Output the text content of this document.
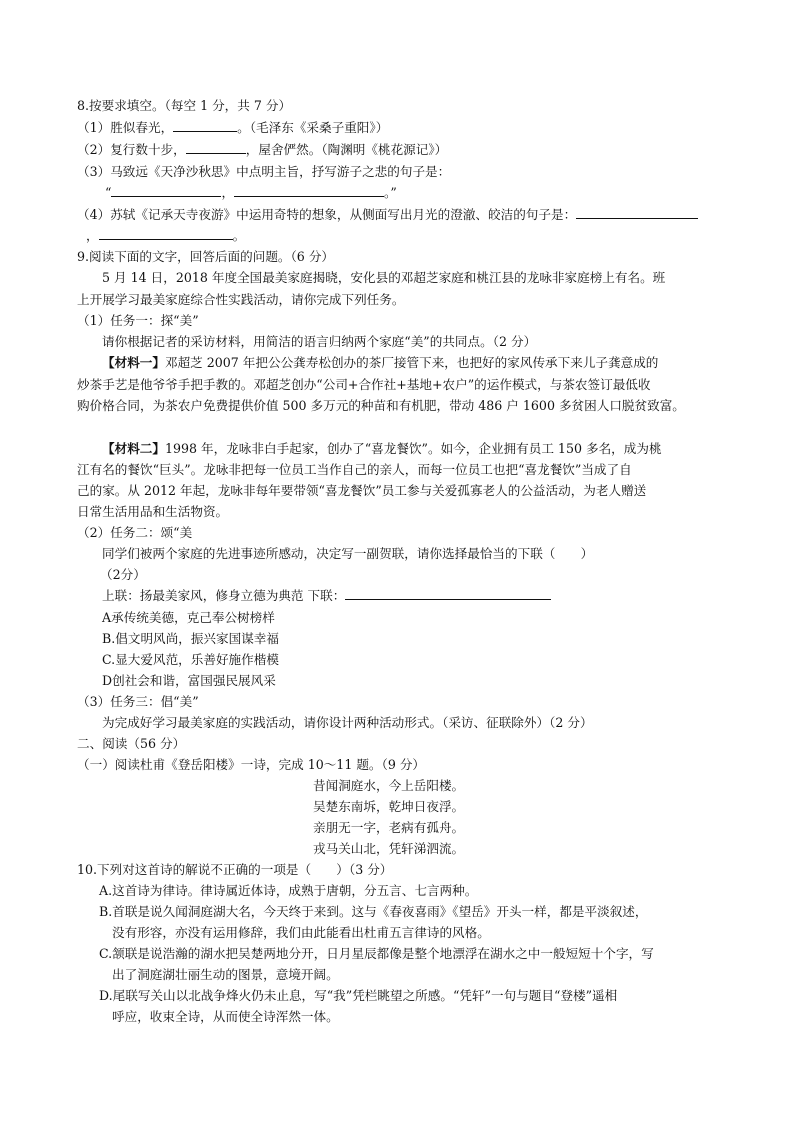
8.按要求填空。（每空 1 分，共 7 分）
（1）胜似春光，	。（毛泽东《采桑子重阳》）
（2）复行数十步，	，屋舍俨然。（陶渊明《桃花源记》）
（3）马致远《天净沙秋思》中点明主旨，抒写游子之悲的句子是：
“	，	。”
（4）苏轼《记承天寺夜游》中运用奇特的想象，从侧面写出月光的澄澈、皎洁的句子是：
，	。
9.阅读下面的文字，回答后面的问题。（6 分）
5 月 14 日，2018 年度全国最美家庭揭晓，安化县的邓超芝家庭和桃江县的龙咏非家庭榜上有名。班
上开展学习最美家庭综合性实践活动，请你完成下列任务。
（1）任务一：探“美”
请你根据记者的采访材料，用简洁的语言归纳两个家庭“美”的共同点。（2 分）
【材料一】邓超芝 2007 年把公公龚寿松创办的茶厂接管下来，也把好的家风传承下来儿子龚意成的
炒茶手艺是他爷爷手把手教的。邓超芝创办“公司+合作社+基地+农户”的运作模式，与茶农签订最低收
购价格合同，为茶农户免费提供价值 500 多万元的种苗和有机肥，带动 486 户 1600 多贫困人口脱贫致富。
【材料二】1998 年，龙咏非白手起家，创办了“喜龙餐饮”。如今，企业拥有员工 150 多名，成为桃
江有名的餐饮“巨头”。龙咏非把每一位员工当作自己的亲人，而每一位员工也把“喜龙餐饮”当成了自
己的家。从 2012 年起，龙咏非每年要带领“喜龙餐饮”员工参与关爱孤寡老人的公益活动，为老人赠送
日常生活用品和生活物资。
（2）任务二：颂“美
同学们被两个家庭的先进事迹所感动，决定写一副贺联，请你选择最恰当的下联（　　）
（2分）
上联：扬最美家风，修身立德为典范 下联：
A承传统美德，克己奉公树榜样
B.倡文明风尚，振兴家国谋幸福
C.显大爱风范，乐善好施作楷模
D创社会和谐，富国强民展风采
（3）任务三：倡“美”
为完成好学习最美家庭的实践活动，请你设计两种活动形式。（采访、征联除外）（2 分）
二、阅读（56 分）
（一）阅读杜甫《登岳阳楼》一诗，完成 10～11 题。（9 分）
昔闻洞庭水，今上岳阳楼。
吴楚东南坼，乾坤日夜浮。
亲朋无一字，老病有孤舟。
戎马关山北，凭轩涕泗流。
10.下列对这首诗的解说不正确的一项是（　　）（3 分）
A.这首诗为律诗。律诗属近体诗，成熟于唐朝，分五言、七言两种。
B.首联是说久闻洞庭湖大名，今天终于来到。这与《春夜喜雨》《望岳》开头一样，都是平淡叙述，
没有形容，亦没有运用修辞，我们由此能看出杜甫五言律诗的风格。
C.颔联是说浩瀚的湖水把吴楚两地分开，日月星辰都像是整个地漂浮在湖水之中一般短短十个字，写
出了洞庭湖壮丽生动的图景，意境开阔。
D.尾联写关山以北战争烽火仍未止息，写“我”凭栏眺望之所感。“凭轩”一句与题目“登楼”遥相
呼应，收束全诗，从而使全诗浑然一体。
